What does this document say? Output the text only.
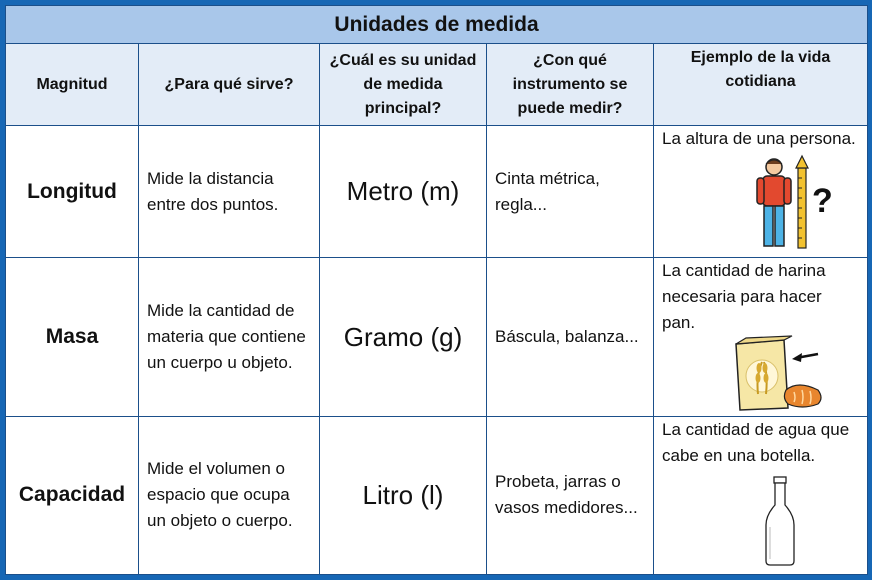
Unidades de medida				
Magnitud	¿Para qué sirve?	¿Cuál es su unidad de medida principal?	¿Con qué instrumento se puede medir?	Ejemplo de la vida cotidiana
Longitud	Mide la distancia entre dos puntos.	Metro (m)	Cinta métrica, regla...	La altura de una persona.
?

Masa	Mide la cantidad de materia que contiene un cuerpo u objeto.	Gramo (g)	Báscula, balanza...	La cantidad de harina necesaria para hacer pan.

Capacidad	Mide el volumen o espacio que ocupa un objeto o cuerpo.	Litro (l)	Probeta, jarras o vasos medidores...	La cantidad de agua que cabe en una botella.
